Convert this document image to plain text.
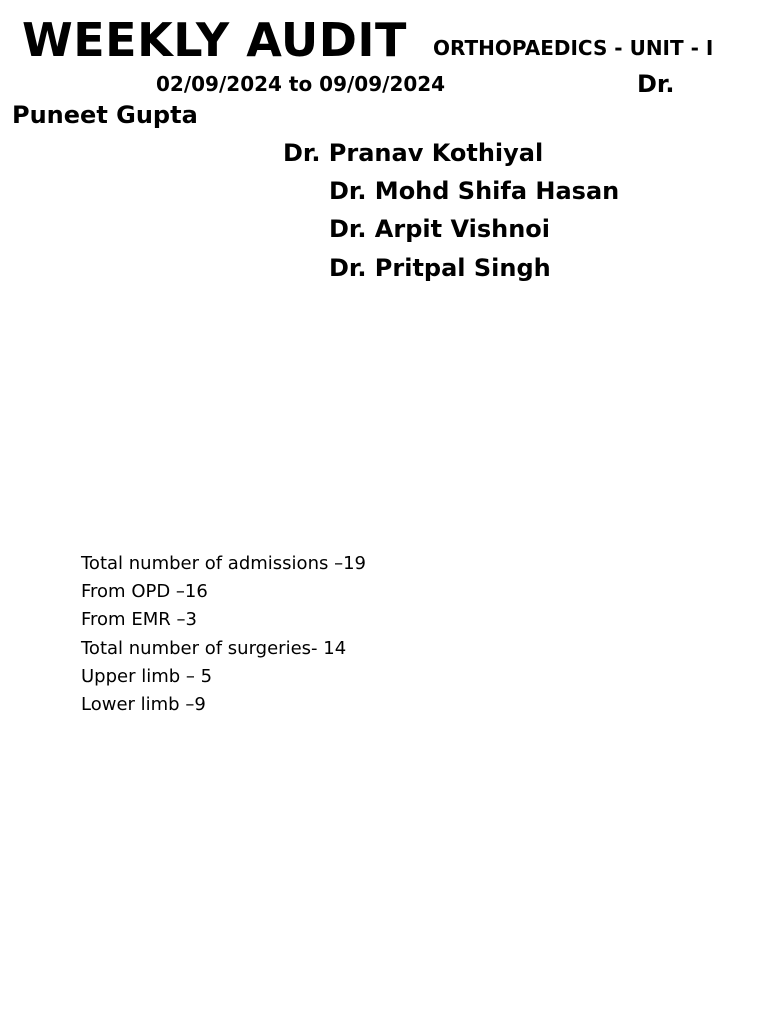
WEEKLY AUDIT ORTHOPAEDICS - UNIT - I
02/09/2024 to 09/09/2024	Dr.
Puneet Gupta
Dr. Pranav Kothiyal
Dr. Mohd Shifa Hasan
Dr. Arpit Vishnoi
Dr. Pritpal Singh
Total number of admissions –19
From OPD –16
From EMR –3
Total number of surgeries- 14
Upper limb – 5
Lower limb –9
